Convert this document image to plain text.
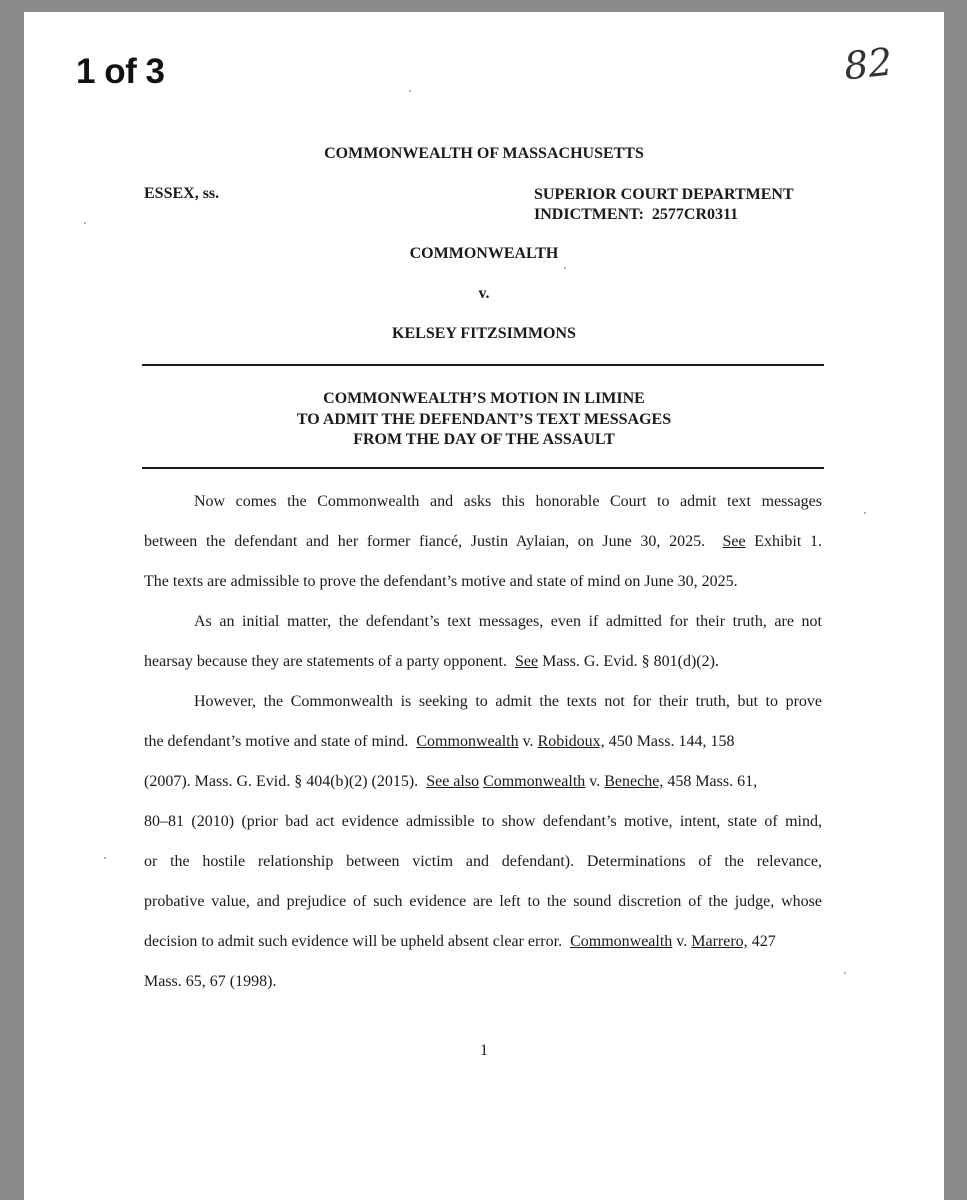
1 of 3	82
COMMONWEALTH OF MASSACHUSETTS
ESSEX, ss.	SUPERIOR COURT DEPARTMENT
INDICTMENT:  2577CR0311
COMMONWEALTH
v.
KELSEY FITZSIMMONS
COMMONWEALTH’S MOTION IN LIMINE
TO ADMIT THE DEFENDANT’S TEXT MESSAGES
FROM THE DAY OF THE ASSAULT
Now comes the Commonwealth and asks this honorable Court to admit text messages
between the defendant and her former fiancé, Justin Aylaian, on June 30, 2025.  See Exhibit 1.
The texts are admissible to prove the defendant’s motive and state of mind on June 30, 2025.
As an initial matter, the defendant’s text messages, even if admitted for their truth, are not
hearsay because they are statements of a party opponent.  See Mass. G. Evid. § 801(d)(2).
However, the Commonwealth is seeking to admit the texts not for their truth, but to prove
the defendant’s motive and state of mind.  Commonwealth v. Robidoux, 450 Mass. 144, 158
(2007). Mass. G. Evid. § 404(b)(2) (2015).  See also Commonwealth v. Beneche, 458 Mass. 61,
80–81 (2010) (prior bad act evidence admissible to show defendant’s motive, intent, state of mind,
or the hostile relationship between victim and defendant). Determinations of the relevance,
probative value, and prejudice of such evidence are left to the sound discretion of the judge, whose
decision to admit such evidence will be upheld absent clear error.  Commonwealth v. Marrero, 427
Mass. 65, 67 (1998).
1
